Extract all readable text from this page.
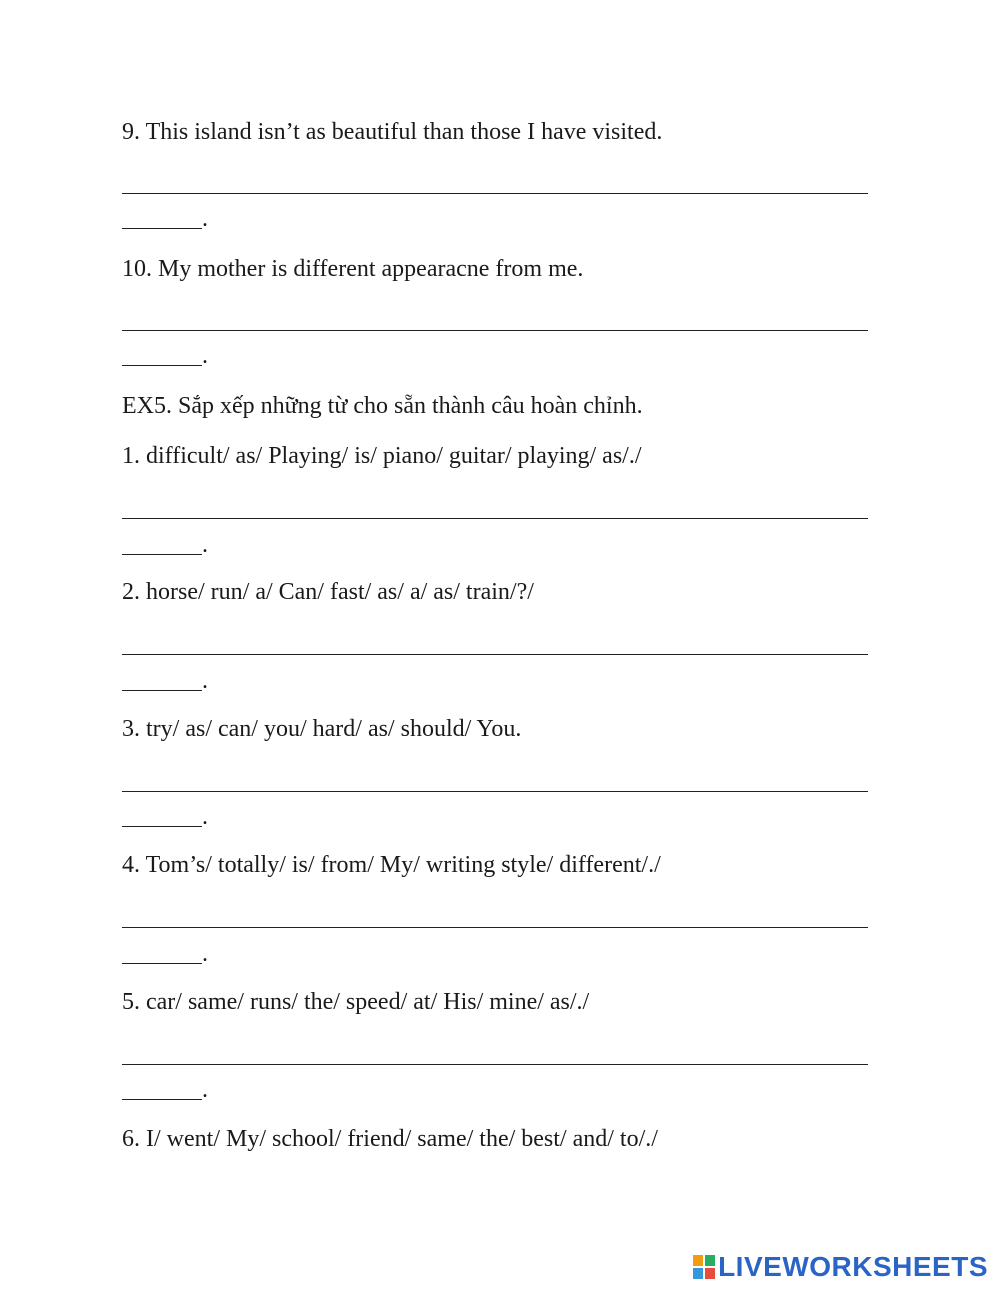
9. This island isn’t as beautiful than those I have visited.

.

10. My mother is different appearacne from me.

.

EX5. Sắp xếp những từ cho sẵn thành câu hoàn chỉnh.

1. difficult/ as/ Playing/ is/ piano/ guitar/ playing/ as/./

.

2. horse/ run/ a/ Can/ fast/ as/ a/ as/ train/?/

.

3. try/ as/ can/ you/ hard/ as/ should/ You.

.

4. Tom’s/ totally/ is/ from/ My/ writing style/ different/./

.

5. car/ same/ runs/ the/ speed/ at/ His/ mine/ as/./

.

6. I/ went/ My/ school/ friend/ same/ the/ best/ and/ to/./

LIVEWORKSHEETS
